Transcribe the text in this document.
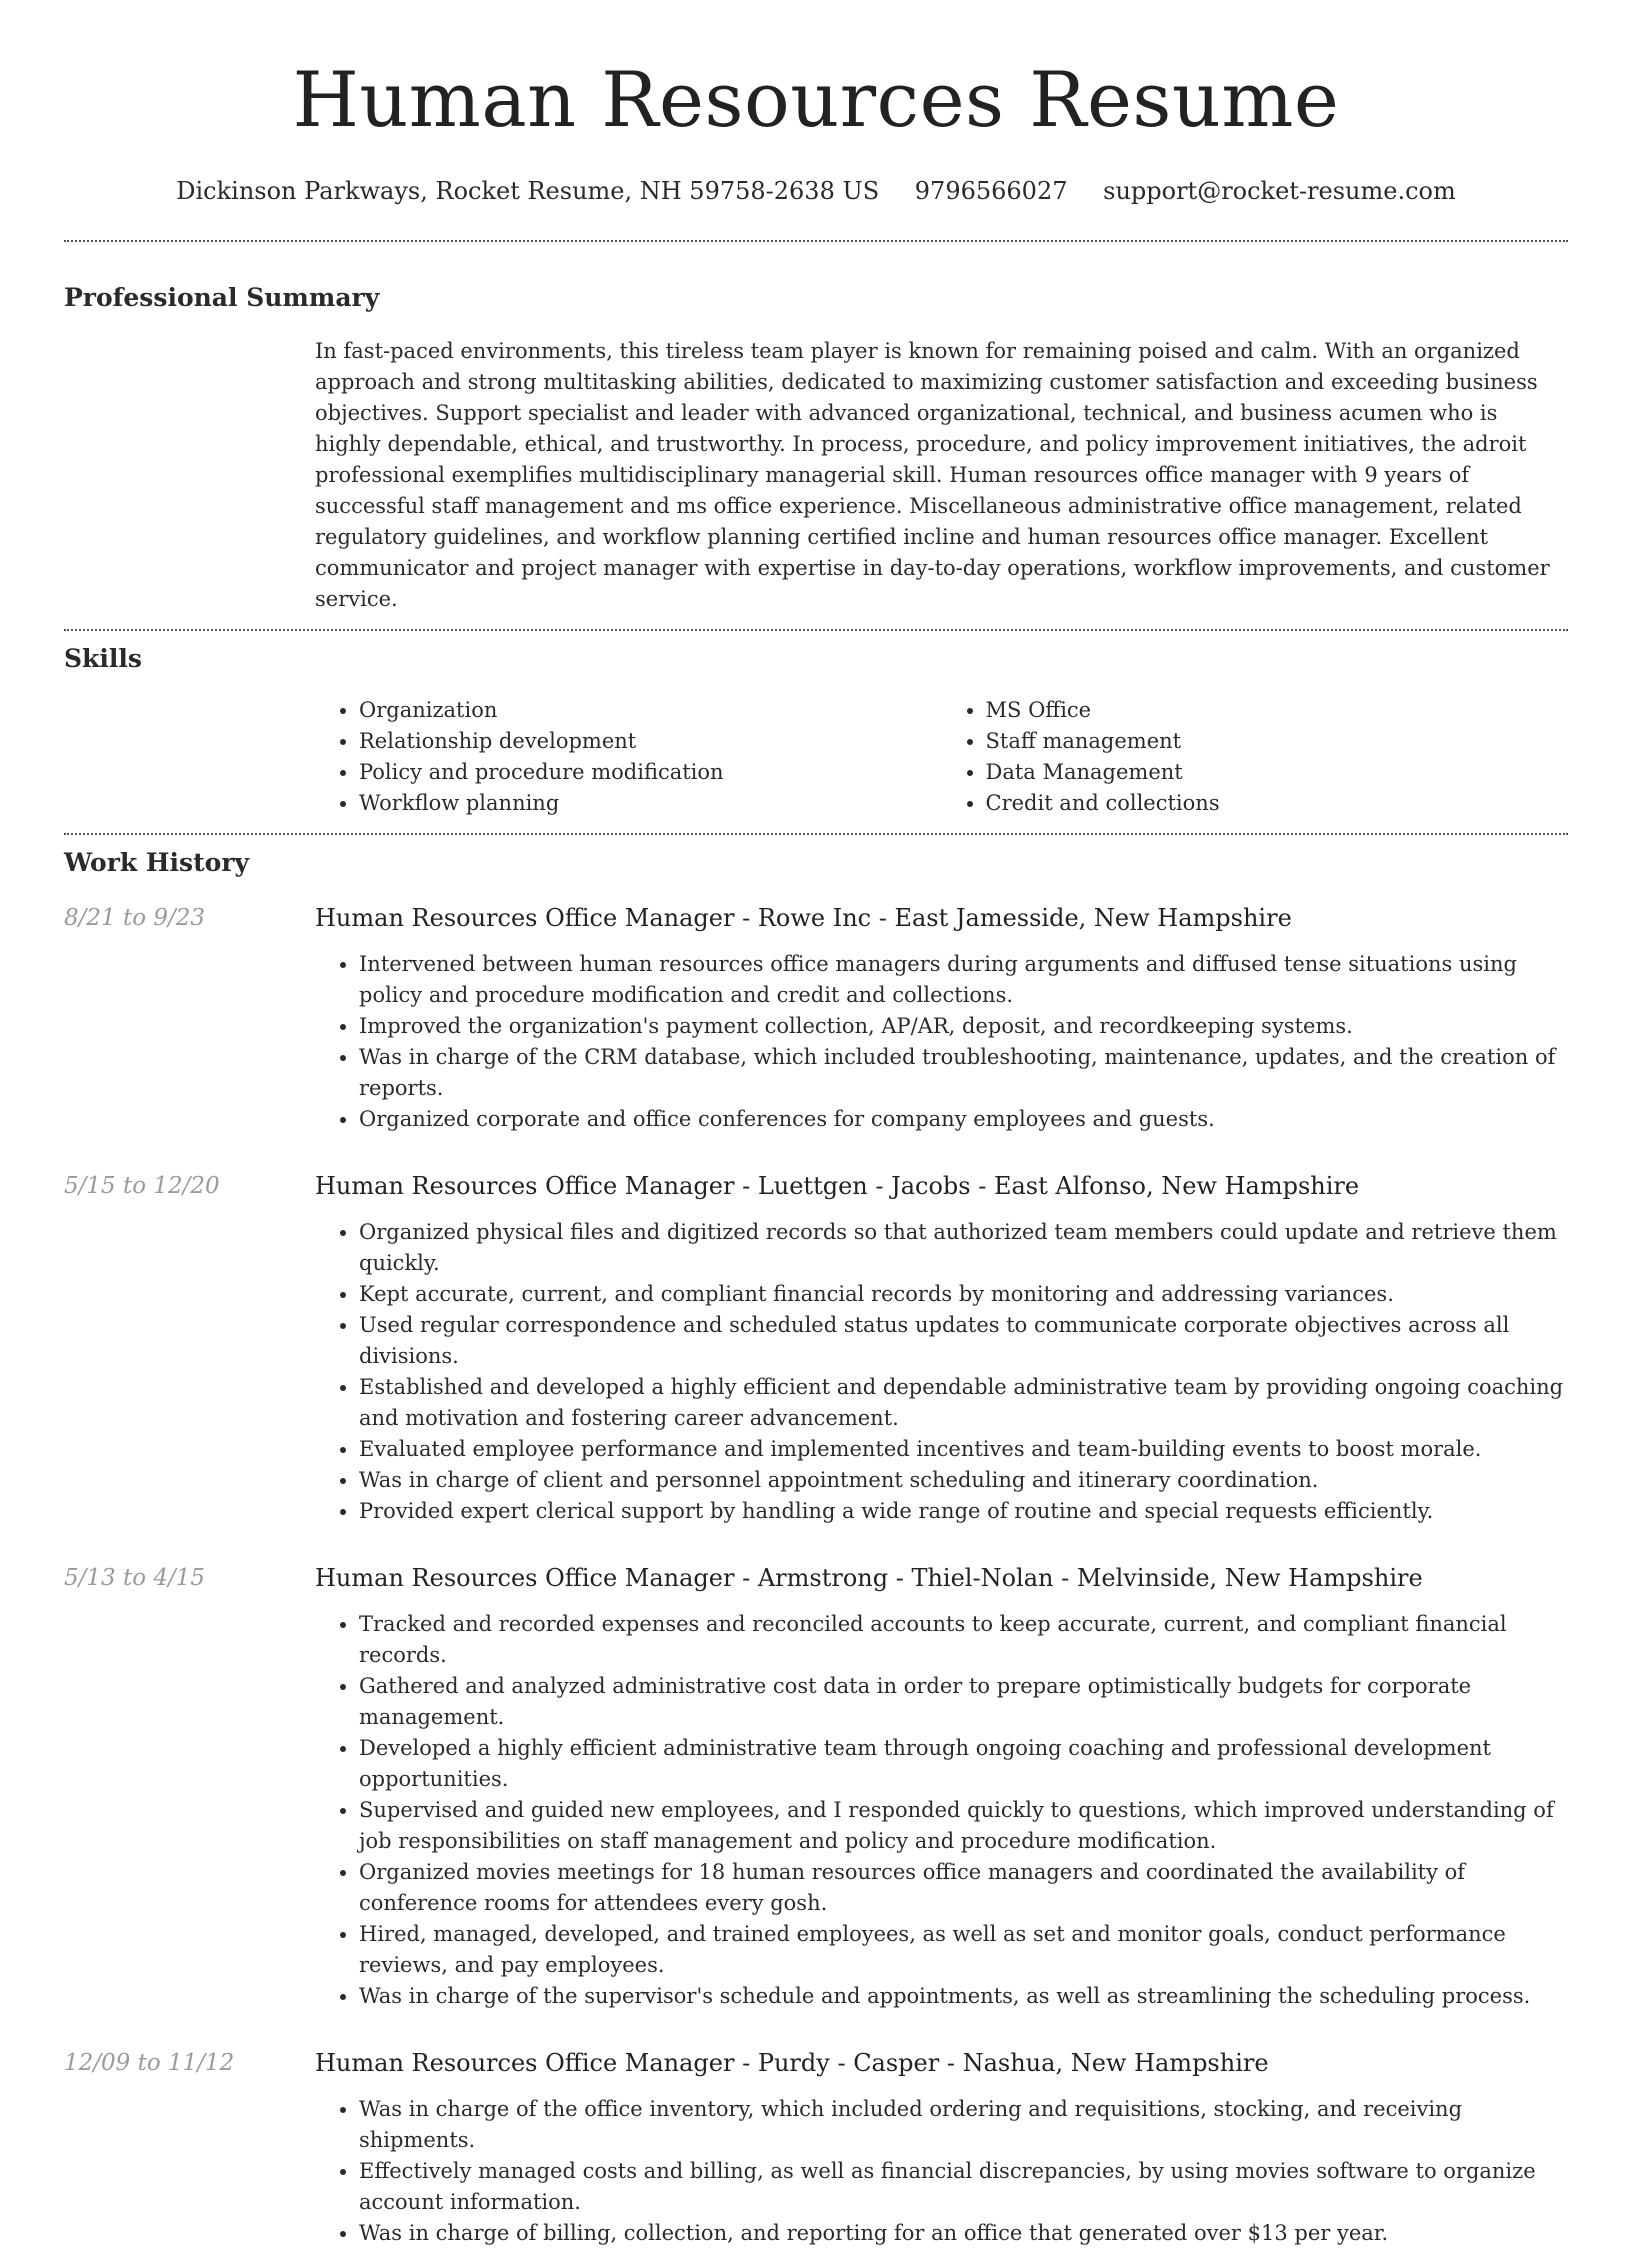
Human Resources Resume
Dickinson Parkways, Rocket Resume, NH 59758-2638 US 9796566027 support@rocket-resume.com
Professional Summary

In fast-paced environments, this tireless team player is known for remaining poised and calm. With an organized approach and strong multitasking abilities, dedicated to maximizing customer satisfaction and exceeding business objectives. Support specialist and leader with advanced organizational, technical, and business acumen who is highly dependable, ethical, and trustworthy. In process, procedure, and policy improvement initiatives, the adroit professional exemplifies multidisciplinary managerial skill. Human resources office manager with 9 years of successful staff management and ms office experience. Miscellaneous administrative office management, related regulatory guidelines, and workflow planning certified incline and human resources office manager. Excellent communicator and project manager with expertise in day-to-day operations, workflow improvements, and customer service.

Skills
• Organization
• Relationship development
• Policy and procedure modification
• Workflow planning
• MS Office
• Staff management
• Data Management
• Credit and collections
Work History
8/21 to 9/23	Human Resources Office Manager - Rowe Inc - East Jamesside, New Hampshire
• Intervened between human resources office managers during arguments and diffused tense situations using policy and procedure modification and credit and collections.
• Improved the organization's payment collection, AP/AR, deposit, and recordkeeping systems.
• Was in charge of the CRM database, which included troubleshooting, maintenance, updates, and the creation of reports.
• Organized corporate and office conferences for company employees and guests.
5/15 to 12/20	Human Resources Office Manager - Luettgen - Jacobs - East Alfonso, New Hampshire
• Organized physical files and digitized records so that authorized team members could update and retrieve them quickly.
• Kept accurate, current, and compliant financial records by monitoring and addressing variances.
• Used regular correspondence and scheduled status updates to communicate corporate objectives across all divisions.
• Established and developed a highly efficient and dependable administrative team by providing ongoing coaching and motivation and fostering career advancement.
• Evaluated employee performance and implemented incentives and team-building events to boost morale.
• Was in charge of client and personnel appointment scheduling and itinerary coordination.
• Provided expert clerical support by handling a wide range of routine and special requests efficiently.
5/13 to 4/15	Human Resources Office Manager - Armstrong - Thiel-Nolan - Melvinside, New Hampshire
• Tracked and recorded expenses and reconciled accounts to keep accurate, current, and compliant financial records.
• Gathered and analyzed administrative cost data in order to prepare optimistically budgets for corporate management.
• Developed a highly efficient administrative team through ongoing coaching and professional development opportunities.
• Supervised and guided new employees, and I responded quickly to questions, which improved understanding of job responsibilities on staff management and policy and procedure modification.
• Organized movies meetings for 18 human resources office managers and coordinated the availability of conference rooms for attendees every gosh.
• Hired, managed, developed, and trained employees, as well as set and monitor goals, conduct performance reviews, and pay employees.
• Was in charge of the supervisor's schedule and appointments, as well as streamlining the scheduling process.
12/09 to 11/12	Human Resources Office Manager - Purdy - Casper - Nashua, New Hampshire
• Was in charge of the office inventory, which included ordering and requisitions, stocking, and receiving shipments.
• Effectively managed costs and billing, as well as financial discrepancies, by using movies software to organize account information.
• Was in charge of billing, collection, and reporting for an office that generated over $13 per year.
